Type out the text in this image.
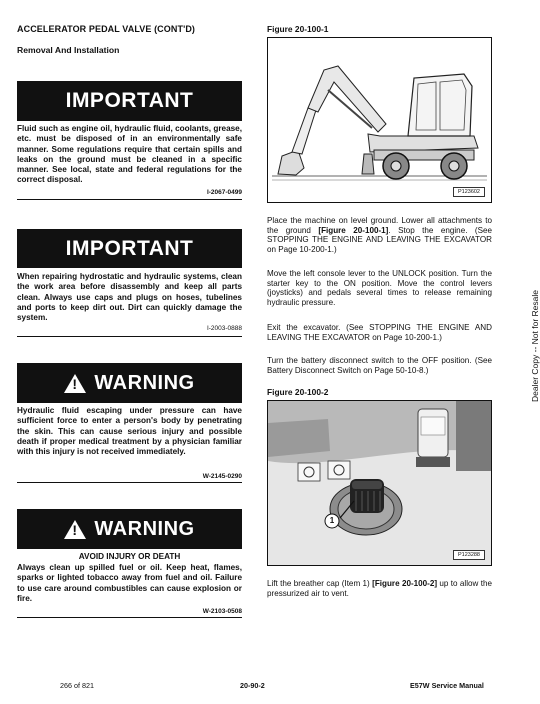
ACCELERATOR PEDAL VALVE (CONT'D)
Removal And Installation
IMPORTANT
Fluid such as engine oil, hydraulic fluid, coolants, grease, etc. must be disposed of in an environmentally safe manner. Some regulations require that certain spills and leaks on the ground must be cleaned in a specific manner. See local, state and federal regulations for the correct disposal.
I-2067-0499
IMPORTANT
When repairing hydrostatic and hydraulic systems, clean the work area before disassembly and keep all parts clean. Always use caps and plugs on hoses, tubelines and ports to keep dirt out. Dirt can quickly damage the system.
I-2003-0888
! WARNING
Hydraulic fluid escaping under pressure can have sufficient force to enter a person's body by penetrating the skin. This can cause serious injury and possible death if proper medical treatment by a physician familiar with this injury is not received immediately.
W-2145-0290
! WARNING
AVOID INJURY OR DEATH
Always clean up spilled fuel or oil. Keep heat, flames, sparks or lighted tobacco away from fuel and oil. Failure to use care around combustibles can cause explosion or fire.
W-2103-0508
Figure 20-100-1
P123602
Place the machine on level ground. Lower all attachments to the ground [Figure 20-100-1]. Stop the engine. (See STOPPING THE ENGINE AND LEAVING THE EXCAVATOR on Page 10-200-1.)
Move the left console lever to the UNLOCK position. Turn the starter key to the ON position. Move the control levers (joysticks) and pedals several times to release remaining hydraulic pressure.
Exit the excavator. (See STOPPING THE ENGINE AND LEAVING THE EXCAVATOR on Page 10-200-1.)
Turn the battery disconnect switch to the OFF position. (See Battery Disconnect Switch on Page 50-10-8.)
Figure 20-100-2
1
P123288
Lift the breather cap (Item 1) [Figure 20-100-2] up to allow the pressurized air to vent.
Dealer Copy -- Not for Resale
266 of 821	20-90-2	E57W Service Manual
